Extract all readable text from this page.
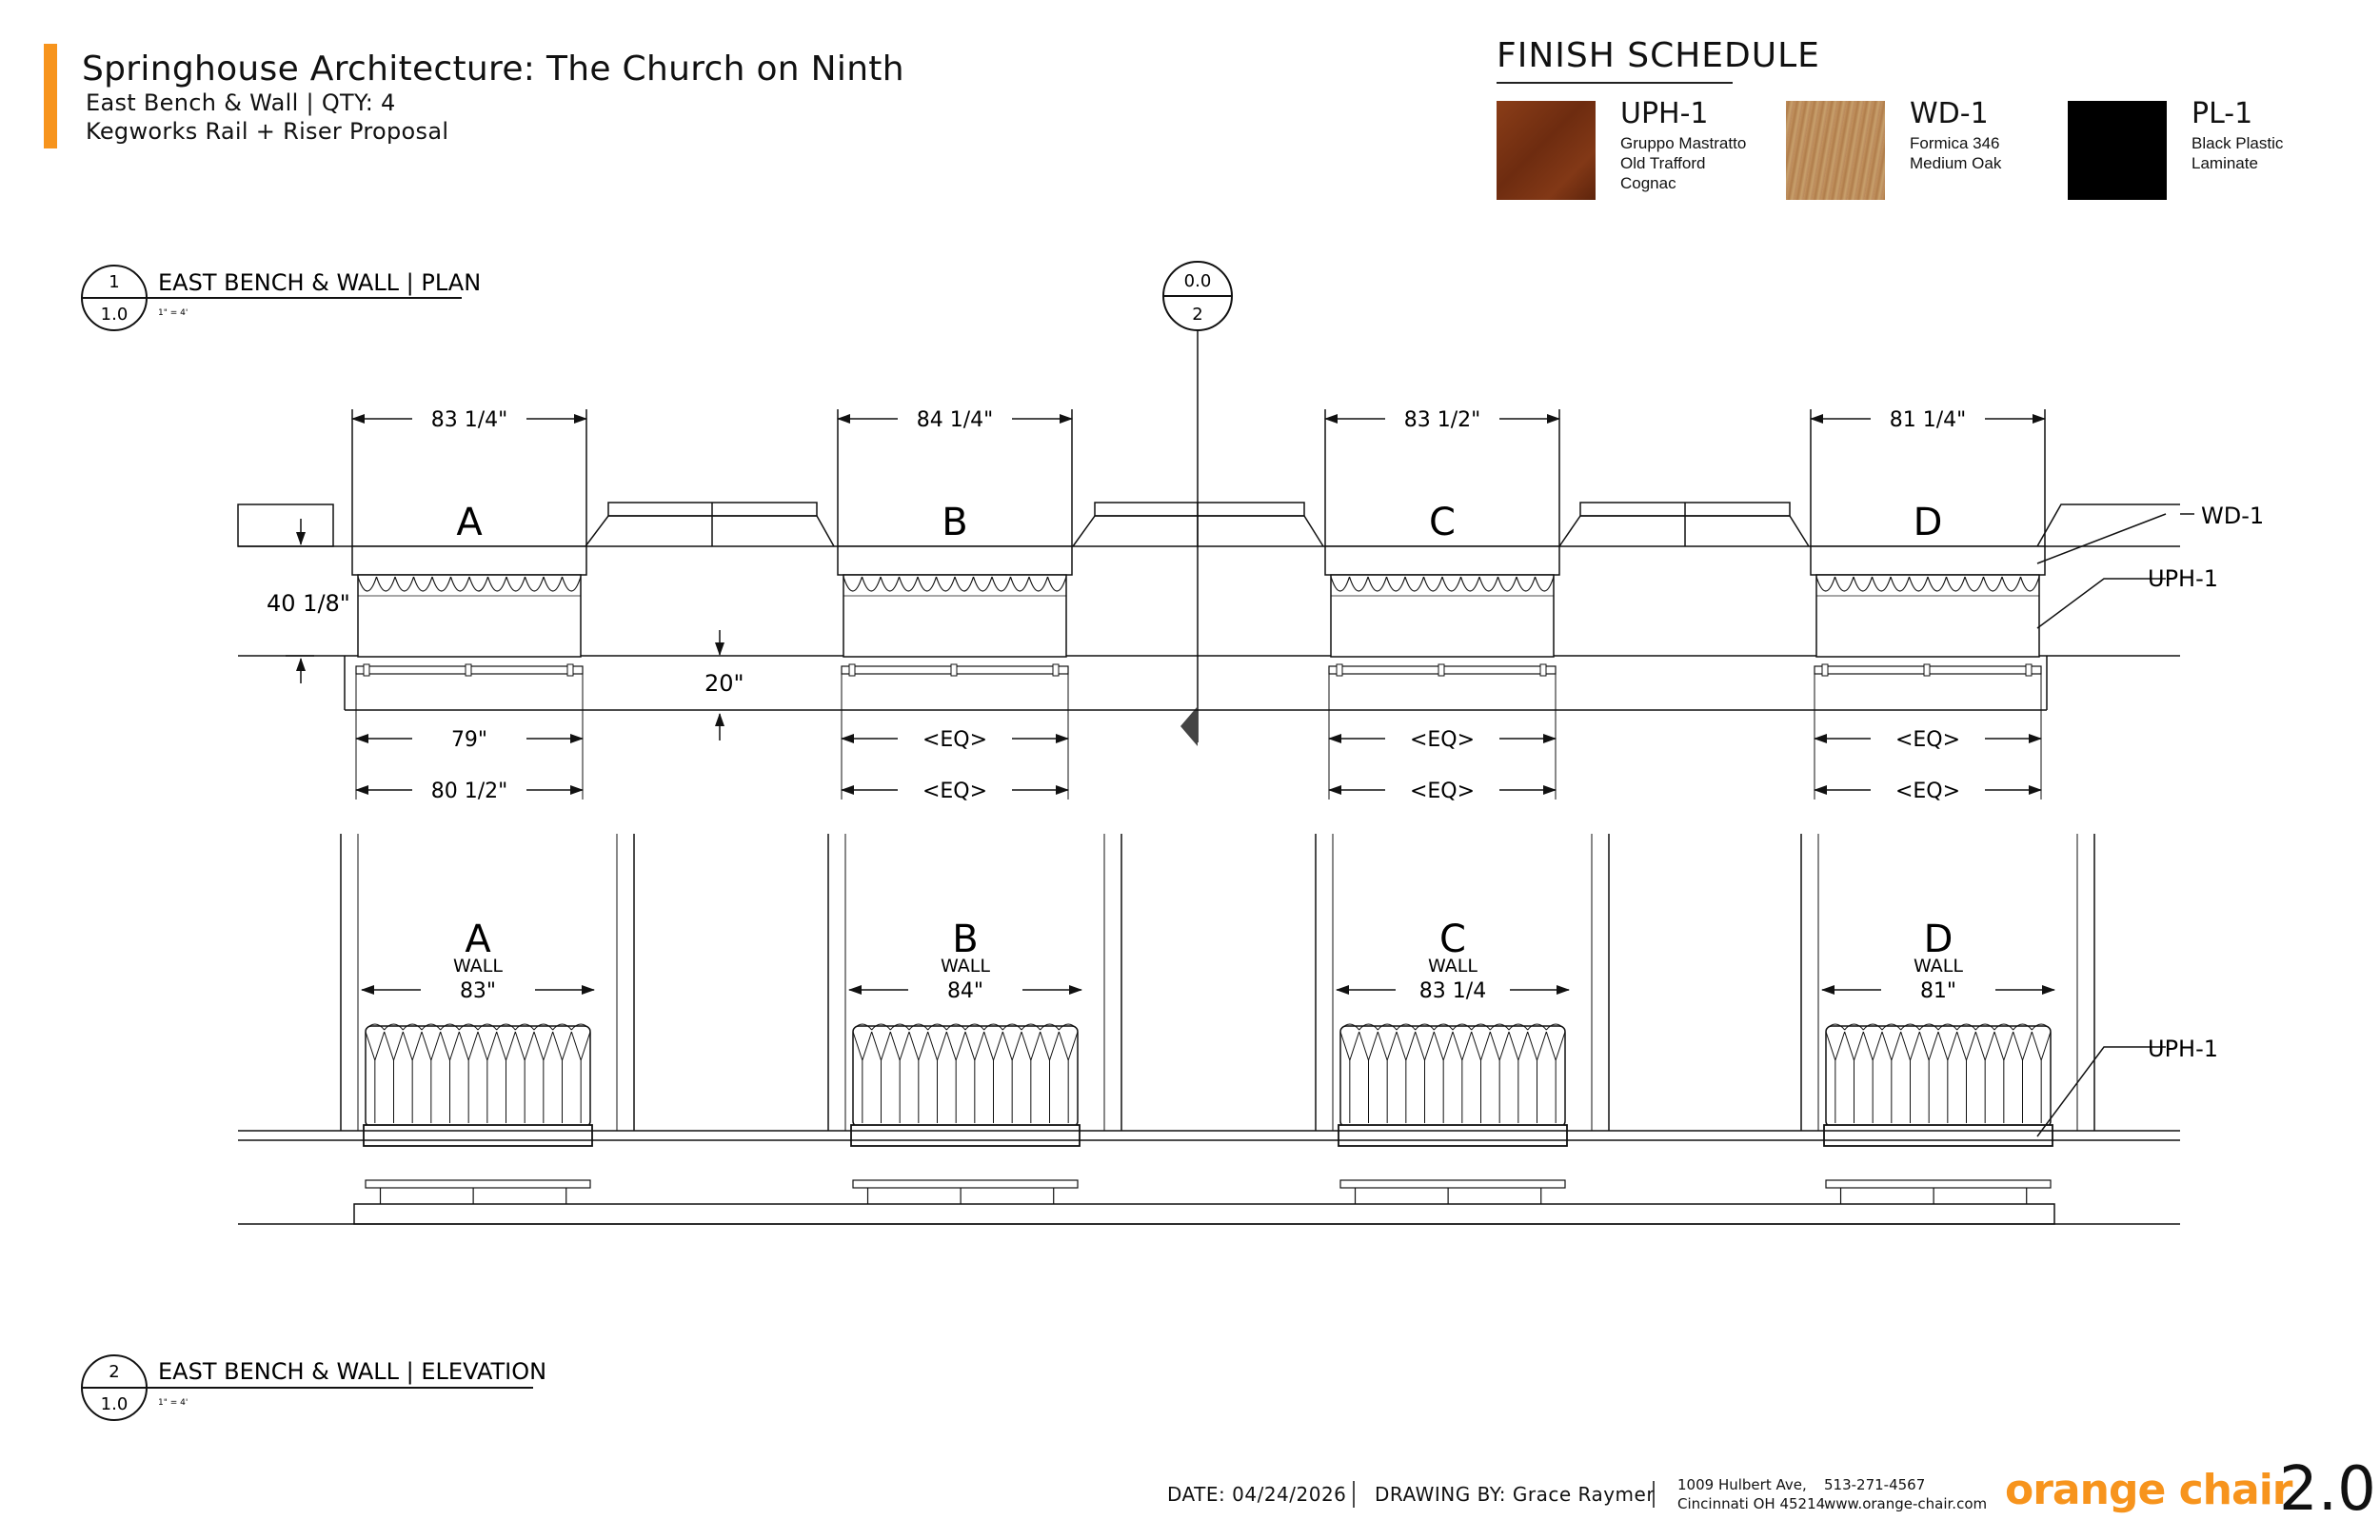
Springhouse Architecture: The Church on Ninth
East Bench & Wall | QTY: 4
Kegworks Rail + Riser Proposal
FINISH SCHEDULE
UPH-1
Gruppo Mastratto
Old Trafford
Cognac
WD-1
Formica 346
Medium Oak
PL-1
Black Plastic
Laminate
1
1.0
EAST BENCH & WALL | PLAN
1" = 4'
0.0
2
83 1/4"
A
79"
80 1/2"
84 1/4"
B
<EQ>
<EQ>
83 1/2"
C
<EQ>
<EQ>
81 1/4"
D
<EQ>
<EQ>
40 1/8"
20"
WD-1
UPH-1
A
WALL
83"
B
WALL
84"
C
WALL
83 1/4
D
WALL
81"
UPH-1
2
1.0
EAST BENCH & WALL | ELEVATION
1" = 4'
DATE: 04/24/2026 DRAWING BY: Grace Raymer 1009 Hulbert Ave,
Cincinnati OH 45214
513-271-4567
www.orange-chair.com orange chair
2.0
